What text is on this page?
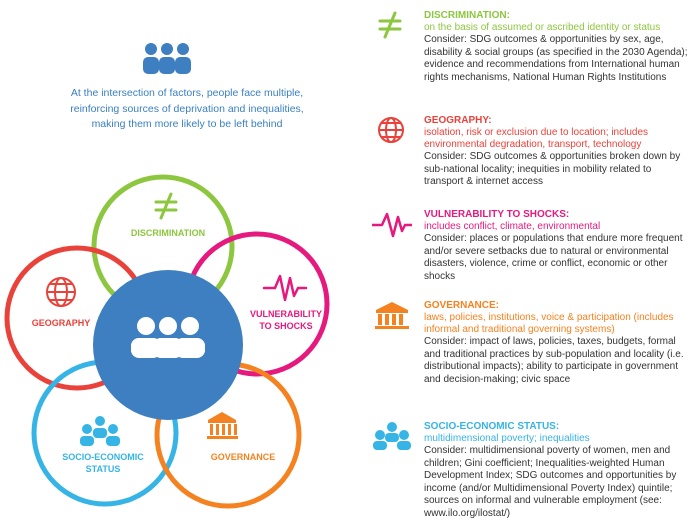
DISCRIMINATION
GEOGRAPHY
VULNERABILITY
TO SHOCKS
SOCIO-ECONOMIC
STATUS
GOVERNANCE
At the intersection of factors, people face multiple, reinforcing sources of deprivation and inequalities, making them more likely to be left behind
DISCRIMINATION:
on the basis of assumed or ascribed identity or status
Consider: SDG outcomes & opportunities by sex, age, disability & social groups (as specified in the 2030 Agenda); evidence and recommendations from International human rights mechanisms, National Human Rights Institutions
GEOGRAPHY:
isolation, risk or exclusion due to location; includes environmental degradation, transport, technology
Consider: SDG outcomes & opportunities broken down by sub-national locality; inequities in mobility related to transport & internet access
VULNERABILITY TO SHOCKS:
includes conflict, climate, environmental
Consider: places or populations that endure more frequent and/or severe setbacks due to natural or environmental disasters, violence, crime or conflict, economic or other shocks
GOVERNANCE:
laws, policies, institutions, voice & participation (includes informal and traditional governing systems)
Consider: impact of laws, policies, taxes, budgets, formal and traditional practices by sub-population and locality (i.e. distributional impacts); ability to participate in government and decision-making; civic space
SOCIO-ECONOMIC STATUS:
multidimensional poverty; inequalities
Consider: multidimensional poverty of women, men and children; Gini coefficient; Inequalities-weighted Human Development Index; SDG outcomes and opportunities by income (and/or Multidimensional Poverty Index) quintile; sources on informal and vulnerable employment (see: www.ilo.org/ilostat/)
